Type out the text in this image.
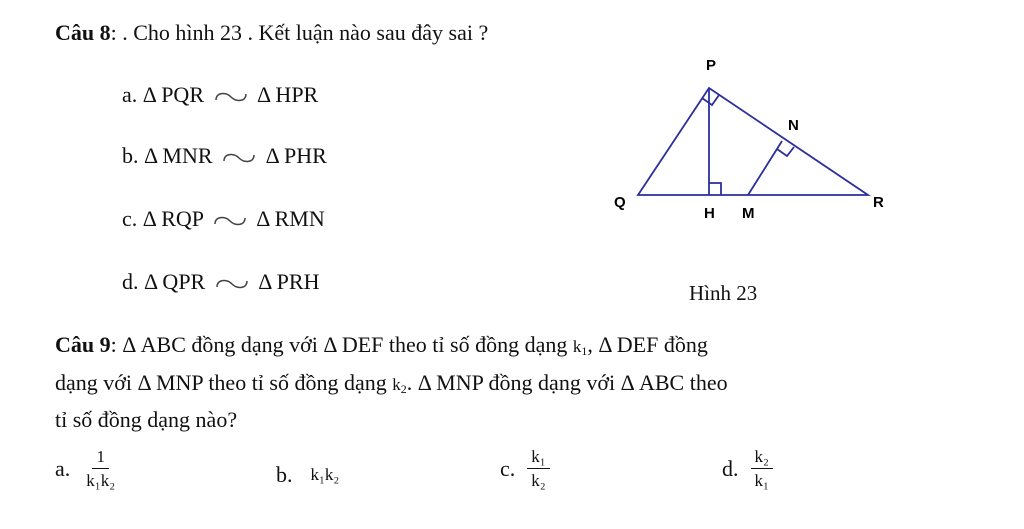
Câu 8: . Cho hình 23 . Kết luận nào sau đây sai ?
a. Δ PQR Δ HPR
b. Δ MNR Δ PHR
c. Δ RQP Δ RMN
d. Δ QPR Δ PRH
P
N
Q
H M
R
Hình 23
Câu 9: Δ ABC đồng dạng với Δ DEF theo tỉ số đồng dạng $k_1$, Δ DEF đồng
dạng với Δ MNP theo tỉ số đồng dạng $k_2$. Δ MNP đồng dạng với Δ ABC theo
tỉ số đồng dạng nào?
a. $\frac{1}{\text{k₁k₂}}$	b. k₁k₂	c. $\frac{\text{k₁}}{\text{k₂}}$	d. $\frac{\text{k₂}}{\text{k₁}}$
